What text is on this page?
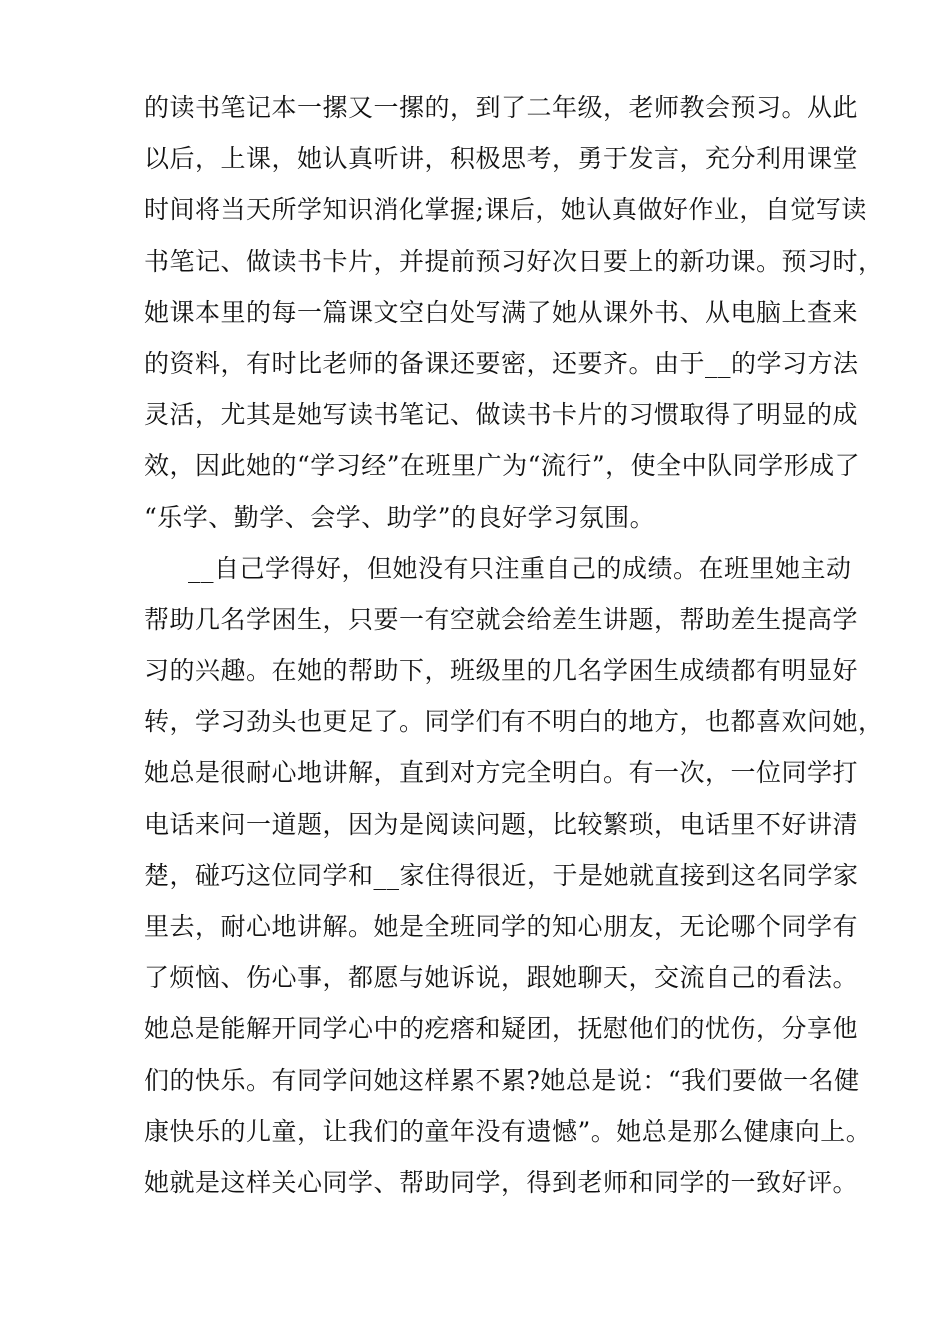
的读书笔记本一摞又一摞的，到了二年级，老师教会预习。从此
以后，上课，她认真听讲，积极思考，勇于发言，充分利用课堂
时间将当天所学知识消化掌握;课后，她认真做好作业，自觉写读
书笔记、做读书卡片，并提前预习好次日要上的新功课。预习时，
她课本里的每一篇课文空白处写满了她从课外书、从电脑上查来
的资料，有时比老师的备课还要密，还要齐。由于__的学习方法
灵活，尤其是她写读书笔记、做读书卡片的习惯取得了明显的成
效，因此她的“学习经”在班里广为“流行”，使全中队同学形成了
“乐学、勤学、会学、助学”的良好学习氛围。
__自己学得好，但她没有只注重自己的成绩。在班里她主动
帮助几名学困生，只要一有空就会给差生讲题，帮助差生提高学
习的兴趣。在她的帮助下，班级里的几名学困生成绩都有明显好
转，学习劲头也更足了。同学们有不明白的地方，也都喜欢问她，
她总是很耐心地讲解，直到对方完全明白。有一次，一位同学打
电话来问一道题，因为是阅读问题，比较繁琐，电话里不好讲清
楚，碰巧这位同学和__家住得很近，于是她就直接到这名同学家
里去，耐心地讲解。她是全班同学的知心朋友，无论哪个同学有
了烦恼、伤心事，都愿与她诉说，跟她聊天，交流自己的看法。
她总是能解开同学心中的疙瘩和疑团，抚慰他们的忧伤，分享他
们的快乐。有同学问她这样累不累?她总是说：“我们要做一名健
康快乐的儿童，让我们的童年没有遗憾”。她总是那么健康向上。
她就是这样关心同学、帮助同学，得到老师和同学的一致好评。
